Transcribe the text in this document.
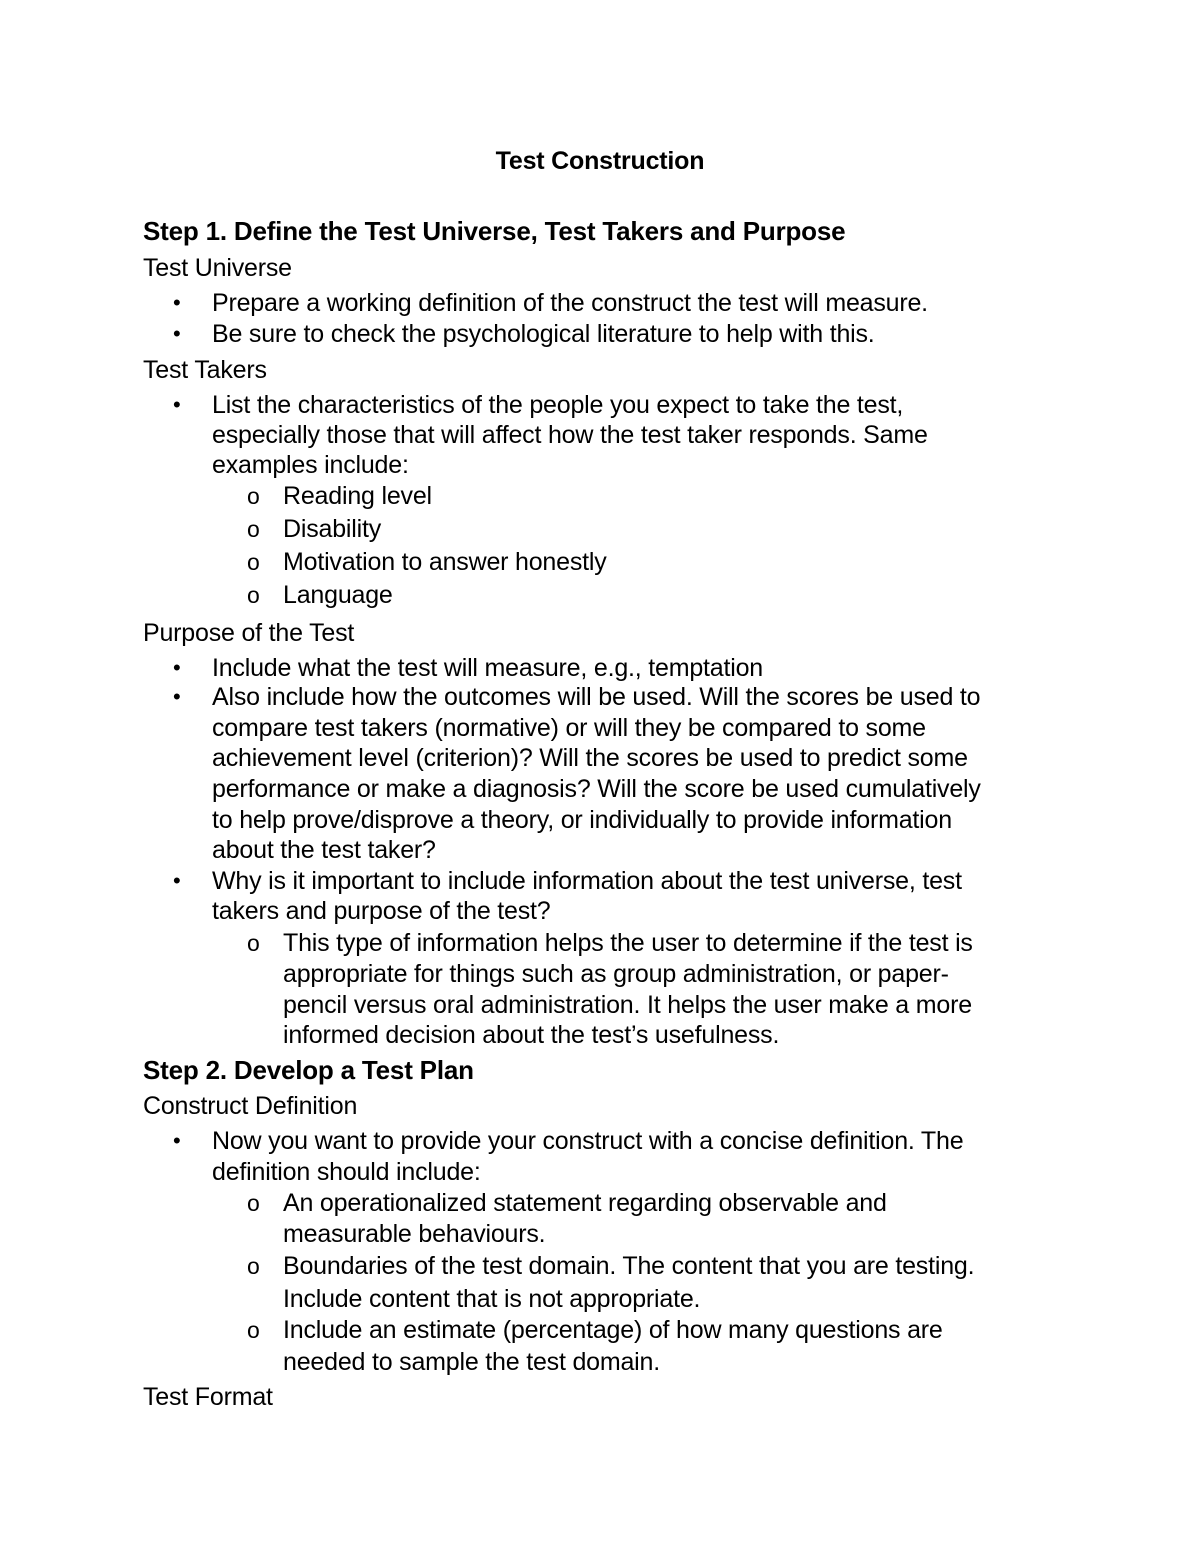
Test Construction
Step 1. Define the Test Universe, Test Takers and Purpose
Test Universe
• Prepare a working definition of the construct the test will measure.
• Be sure to check the psychological literature to help with this.
Test Takers
• List the characteristics of the people you expect to take the test,
especially those that will affect how the test taker responds. Same
examples include:
o Reading level
o Disability
o Motivation to answer honestly
o Language
Purpose of the Test
• Include what the test will measure, e.g., temptation
• Also include how the outcomes will be used. Will the scores be used to
compare test takers (normative) or will they be compared to some
achievement level (criterion)? Will the scores be used to predict some
performance or make a diagnosis? Will the score be used cumulatively
to help prove/disprove a theory, or individually to provide information
about the test taker?
• Why is it important to include information about the test universe, test
takers and purpose of the test?
o This type of information helps the user to determine if the test is
appropriate for things such as group administration, or paper-
pencil versus oral administration. It helps the user make a more
informed decision about the test’s usefulness.
Step 2. Develop a Test Plan
Construct Definition
• Now you want to provide your construct with a concise definition. The
definition should include:
o An operationalized statement regarding observable and
measurable behaviours.
o Boundaries of the test domain. The content that you are testing.
Include content that is not appropriate.
o Include an estimate (percentage) of how many questions are
needed to sample the test domain.
Test Format
